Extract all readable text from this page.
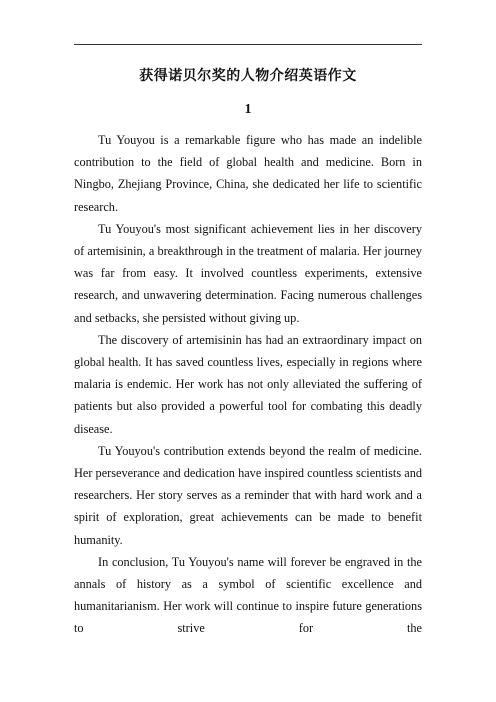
获得诺贝尔奖的人物介绍英语作文
1

Tu Youyou is a remarkable figure who has made an indelible contribution to the field of global health and medicine. Born in Ningbo, Zhejiang Province, China, she dedicated her life to scientific research.

Tu Youyou's most significant achievement lies in her discovery of artemisinin, a breakthrough in the treatment of malaria. Her journey was far from easy. It involved countless experiments, extensive research, and unwavering determination. Facing numerous challenges and setbacks, she persisted without giving up.

The discovery of artemisinin has had an extraordinary impact on global health. It has saved countless lives, especially in regions where malaria is endemic. Her work has not only alleviated the suffering of patients but also provided a powerful tool for combating this deadly disease.

Tu Youyou's contribution extends beyond the realm of medicine. Her perseverance and dedication have inspired countless scientists and researchers. Her story serves as a reminder that with hard work and a spirit of exploration, great achievements can be made to benefit humanity.

In conclusion, Tu Youyou's name will forever be engraved in the annals of history as a symbol of scientific excellence and humanitarianism. Her work will continue to inspire future generations to strive for the
